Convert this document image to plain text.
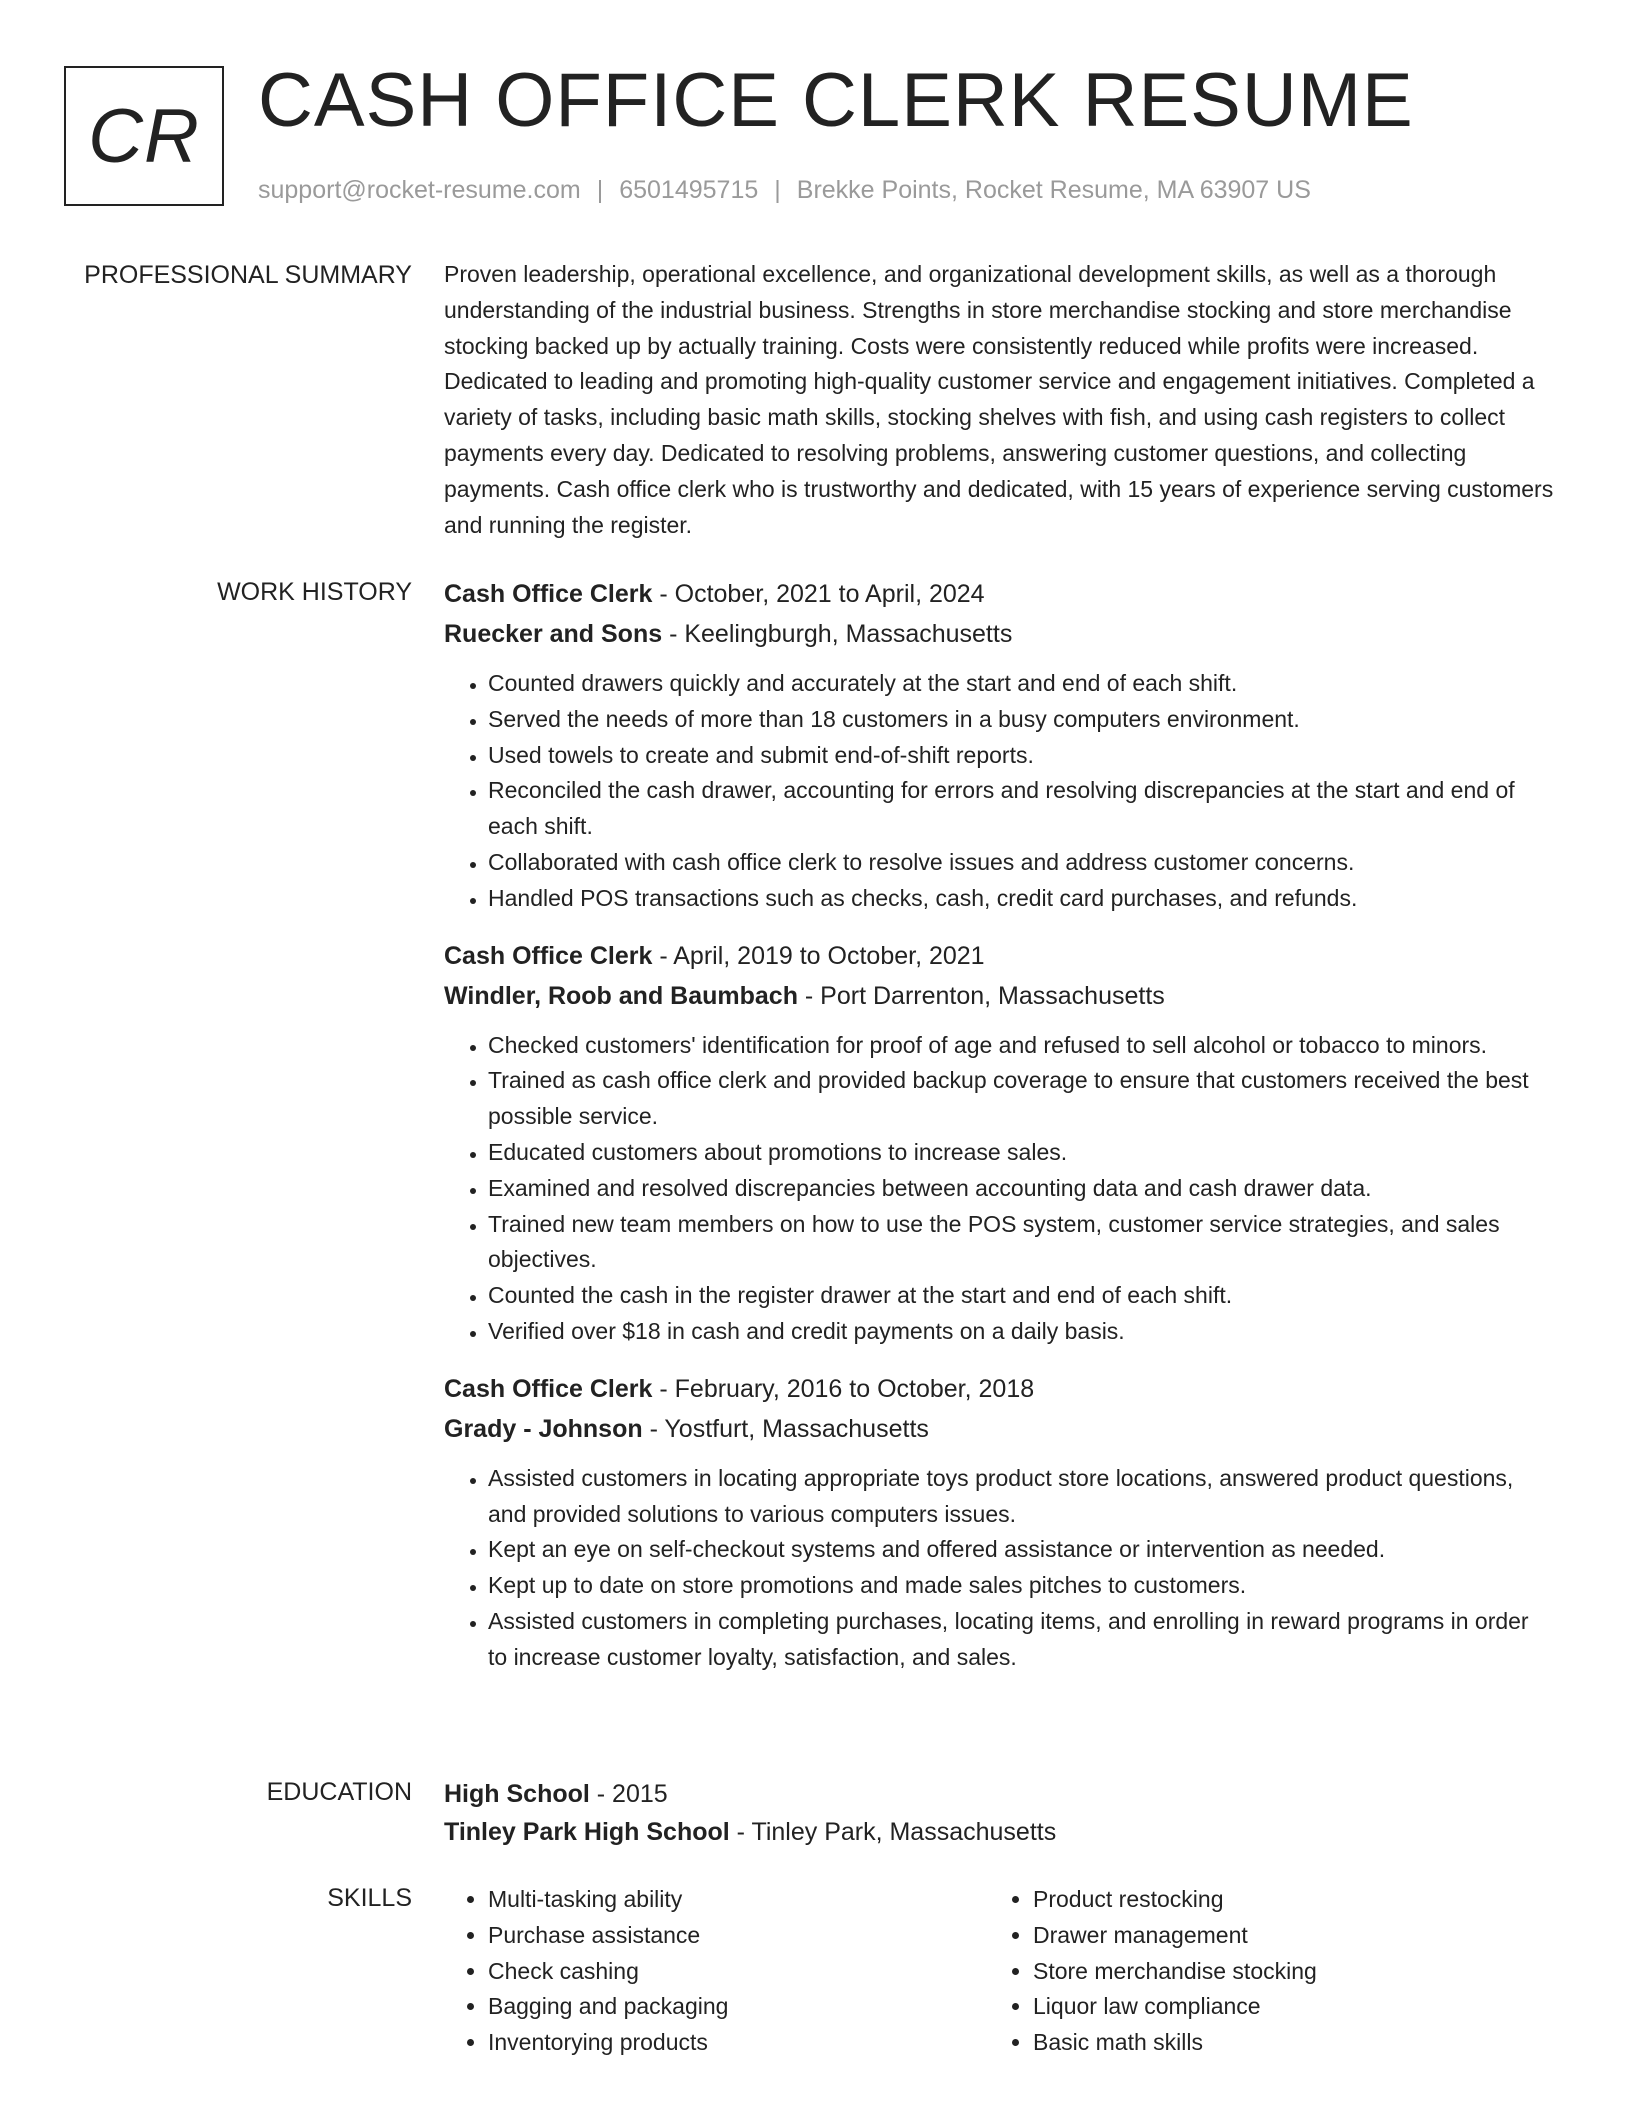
CR CASH OFFICE CLERK RESUME
support@rocket-resume.com | 6501495715 | Brekke Points, Rocket Resume, MA 63907 US
PROFESSIONAL SUMMARY Proven leadership, operational excellence, and organizational development skills, as well as a thorough understanding of the industrial business. Strengths in store merchandise stocking and store merchandise stocking backed up by actually training. Costs were consistently reduced while profits were increased. Dedicated to leading and promoting high-quality customer service and engagement initiatives. Completed a variety of tasks, including basic math skills, stocking shelves with fish, and using cash registers to collect payments every day. Dedicated to resolving problems, answering customer questions, and collecting payments. Cash office clerk who is trustworthy and dedicated, with 15 years of experience serving customers and running the register.

WORK HISTORY Cash Office Clerk - October, 2021 to April, 2024
Ruecker and Sons - Keelingburgh, Massachusetts
• Counted drawers quickly and accurately at the start and end of each shift.
• Served the needs of more than 18 customers in a busy computers environment.
• Used towels to create and submit end-of-shift reports.
• Reconciled the cash drawer, accounting for errors and resolving discrepancies at the start and end of each shift.
• Collaborated with cash office clerk to resolve issues and address customer concerns.
• Handled POS transactions such as checks, cash, credit card purchases, and refunds.
Cash Office Clerk - April, 2019 to October, 2021
Windler, Roob and Baumbach - Port Darrenton, Massachusetts
• Checked customers' identification for proof of age and refused to sell alcohol or tobacco to minors.
• Trained as cash office clerk and provided backup coverage to ensure that customers received the best possible service.
• Educated customers about promotions to increase sales.
• Examined and resolved discrepancies between accounting data and cash drawer data.
• Trained new team members on how to use the POS system, customer service strategies, and sales objectives.
• Counted the cash in the register drawer at the start and end of each shift.
• Verified over $18 in cash and credit payments on a daily basis.
Cash Office Clerk - February, 2016 to October, 2018
Grady - Johnson - Yostfurt, Massachusetts
• Assisted customers in locating appropriate toys product store locations, answered product questions, and provided solutions to various computers issues.
• Kept an eye on self-checkout systems and offered assistance or intervention as needed.
• Kept up to date on store promotions and made sales pitches to customers.
• Assisted customers in completing purchases, locating items, and enrolling in reward programs in order to increase customer loyalty, satisfaction, and sales.
EDUCATION High School - 2015
Tinley Park High School - Tinley Park, Massachusetts
SKILLS
•	Multi-tasking ability
• Purchase assistance
• Check cashing
• Bagging and packaging
• Inventorying products
• Product restocking
• Drawer management
• Store merchandise stocking
• Liquor law compliance
• Basic math skills
